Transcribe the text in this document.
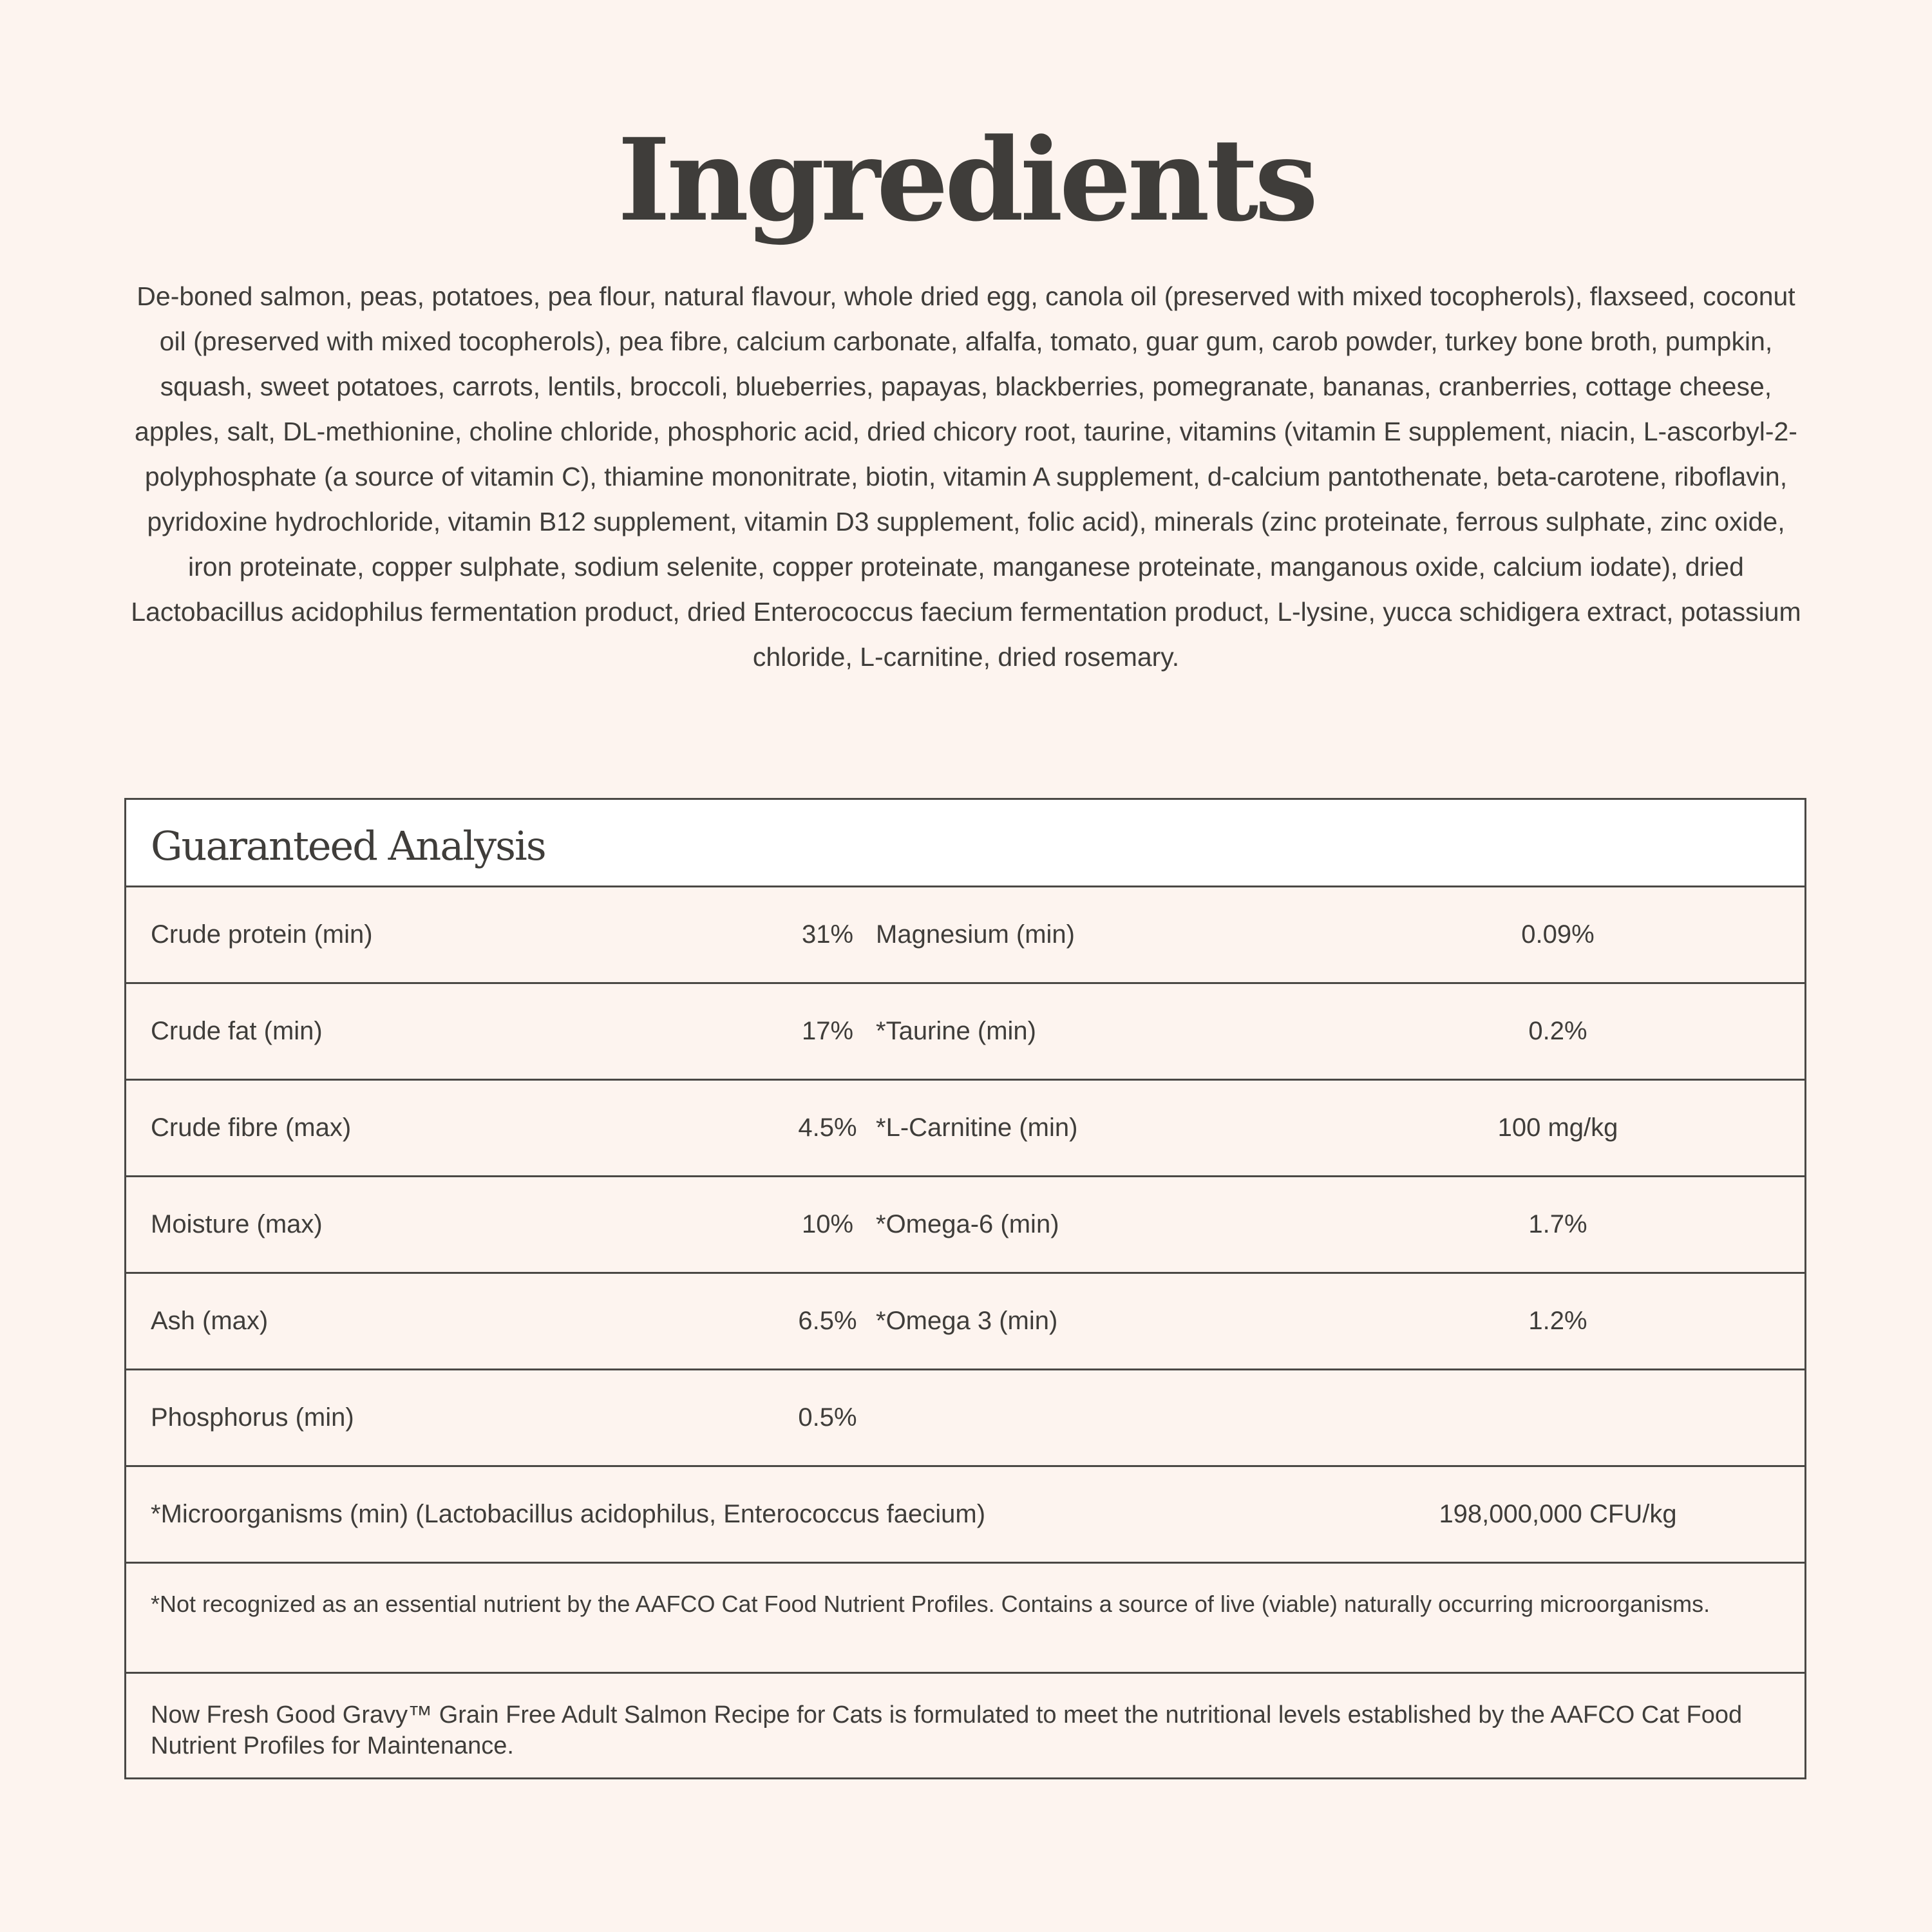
Ingredients
De-boned salmon, peas, potatoes, pea flour, natural flavour, whole dried egg, canola oil (preserved with mixed tocopherols), flaxseed, coconut oil (preserved with mixed tocopherols), pea fibre, calcium carbonate, alfalfa, tomato, guar gum, carob powder, turkey bone broth, pumpkin, squash, sweet potatoes, carrots, lentils, broccoli, blueberries, papayas, blackberries, pomegranate, bananas, cranberries, cottage cheese, apples, salt, DL-methionine, choline chloride, phosphoric acid, dried chicory root, taurine, vitamins (vitamin E supplement, niacin, L-ascorbyl-2-polyphosphate (a source of vitamin C), thiamine mononitrate, biotin, vitamin A supplement, d-calcium pantothenate, beta-carotene, riboflavin, pyridoxine hydrochloride, vitamin B12 supplement, vitamin D3 supplement, folic acid), minerals (zinc proteinate, ferrous sulphate, zinc oxide, iron proteinate, copper sulphate, sodium selenite, copper proteinate, manganese proteinate, manganous oxide, calcium iodate), dried Lactobacillus acidophilus fermentation product, dried Enterococcus faecium fermentation product, L-lysine, yucca schidigera extract, potassium chloride, L-carnitine, dried rosemary.
Guaranteed Analysis
Crude protein (min)	31% Magnesium (min)	0.09%
Crude fat (min)	17% *Taurine (min)	0.2%
Crude fibre (max)	4.5% *L-Carnitine (min)	100 mg/kg
Moisture (max)	10% *Omega-6 (min)	1.7%
Ash (max)	6.5% *Omega 3 (min)	1.2%
Phosphorus (min)	0.5%
*Microorganisms (min) (Lactobacillus acidophilus, Enterococcus faecium)	198,000,000 CFU/kg
*Not recognized as an essential nutrient by the AAFCO Cat Food Nutrient Profiles. Contains a source of live (viable) naturally occurring microorganisms.
Now Fresh Good Gravy™ Grain Free Adult Salmon Recipe for Cats is formulated to meet the nutritional levels established by the AAFCO Cat Food Nutrient Profiles for Maintenance.
